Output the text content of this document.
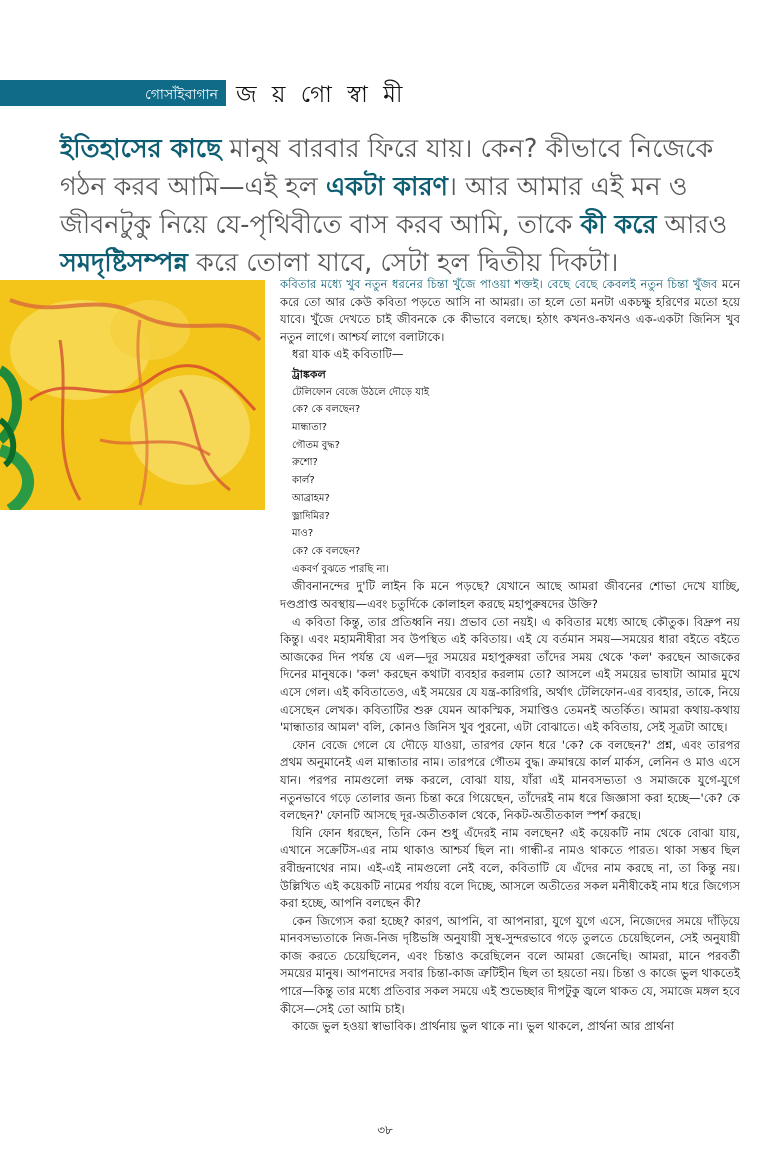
গোসাঁইবাগান জ য় গো স্বা মী
ইতিহাসের কাছে মানুষ বারবার ফিরে যায়। কেন? কীভাবে নিজেকে গঠন করব আমি—এই হল একটা কারণ। আর আমার এই মন ও জীবনটুকু নিয়ে যে-পৃথিবীতে বাস করব আমি, তাকে কী করে আরও সমদৃষ্টিসম্পন্ন করে তোলা যাবে, সেটা হল দ্বিতীয় দিকটা।

কবিতার মধ্যে খুব নতুন ধরনের চিন্তা খুঁজে পাওয়া শক্তই। বেছে বেছে কেবলই নতুন চিন্তা খুঁজব মনে করে তো আর কেউ কবিতা পড়তে আসি না আমরা। তা হলে তো মনটা একচক্ষু হরিণের মতো হয়ে যাবে। খুঁজে দেখতে চাই জীবনকে কে কীভাবে বলছে। হঠাৎ কখনও-কখনও এক-একটা জিনিস খুব নতুন লাগে। আশ্চর্য লাগে বলাটাকে।

ধরা যাক এই কবিতাটি—

ট্রাঙ্ককল
টেলিফোন বেজে উঠলে দৌড়ে যাই
কে? কে বলছেন?
মান্ধাতা?
গৌতম বুদ্ধ?
রুশো?
কার্ল?
আব্রাহম?
ভ্লাদিমির?
মাও?
কে? কে বলছেন?
একবর্ণ বুঝতে পারছি না।

জীবনানন্দের দু'টি লাইন কি মনে পড়ছে? যেখানে আছে আমরা জীবনের শোভা দেখে যাচ্ছি, দণ্ডপ্রাপ্ত অবস্থায়—এবং চতুর্দিকে কোলাহল করছে মহাপুরুষদের উক্তি?

এ কবিতা কিন্তু, তার প্রতিধ্বনি নয়। প্রভাব তো নয়ই। এ কবিতার মধ্যে আছে কৌতুক। বিদ্রুপ নয় কিন্তু। এবং মহামনীষীরা সব উপস্থিত এই কবিতায়। এই যে বর্তমান সময়—সময়ের ধারা বইতে বইতে আজকের দিন পর্যন্ত যে এল—দূর সময়ের মহাপুরুষরা তাঁদের সময় থেকে 'কল' করছেন আজকের দিনের মানুষকে। 'কল' করছেন কথাটা ব্যবহার করলাম তো? আসলে এই সময়ের ভাষাটা আমার মুখে এসে গেল। এই কবিতাতেও, এই সময়ের যে যন্ত্র-কারিগরি, অর্থাৎ টেলিফোন-এর ব্যবহার, তাকে, নিয়ে এসেছেন লেখক। কবিতাটির শুরু যেমন আকস্মিক, সমাপ্তিও তেমনই অতর্কিত। আমরা কথায়-কথায় 'মান্ধাতার আমল' বলি, কোনও জিনিস খুব পুরনো, এটা বোঝাতে। এই কবিতায়, সেই সূত্রটা আছে।

ফোন বেজে গেলে যে দৌড়ে যাওয়া, তারপর ফোন ধরে 'কে? কে বলছেন?' প্রশ্ন, এবং তারপর প্রথম অনুমানেই এল মান্ধাতার নাম। তারপরে গৌতম বুদ্ধ। ক্রমান্বয়ে কার্ল মার্কস, লেনিন ও মাও এসে যান। পরপর নামগুলো লক্ষ করলে, বোঝা যায়, যাঁরা এই মানবসভ্যতা ও সমাজকে যুগে-যুগে নতুনভাবে গড়ে তোলার জন্য চিন্তা করে গিয়েছেন, তাঁদেরই নাম ধরে জিজ্ঞাসা করা হচ্ছে—'কে? কে বলছেন?' ফোনটি আসছে দূর-অতীতকাল থেকে, নিকট-অতীতকাল স্পর্শ করছে।

যিনি ফোন ধরছেন, তিনি কেন শুধু এঁদেরই নাম বলছেন? এই কয়েকটি নাম থেকে বোঝা যায়, এখানে সক্রেটিস-এর নাম থাকাও আশ্চর্য ছিল না। গান্ধী-র নামও থাকতে পারত। থাকা সম্ভব ছিল রবীন্দ্রনাথের নাম। এই-এই নামগুলো নেই বলে, কবিতাটি যে এঁদের নাম করছে না, তা কিন্তু নয়। উল্লিখিত এই কয়েকটি নামের পর্যায় বলে দিচ্ছে, আসলে অতীতের সকল মনীষীকেই নাম ধরে জিগ্যেস করা হচ্ছে, আপনি বলছেন কী?

কেন জিগ্যেস করা হচ্ছে? কারণ, আপনি, বা আপনারা, যুগে যুগে এসে, নিজেদের সময়ে দাঁড়িয়ে মানবসভ্যতাকে নিজ-নিজ দৃষ্টিভঙ্গি অনুযায়ী সুস্থ-সুন্দরভাবে গড়ে তুলতে চেয়েছিলেন, সেই অনুযায়ী কাজ করতে চেয়েছিলেন, এবং চিন্তাও করেছিলেন বলে আমরা জেনেছি। আমরা, মানে পরবর্তী সময়ের মানুষ। আপনাদের সবার চিন্তা-কাজ ত্রুটিহীন ছিল তা হয়তো নয়। চিন্তা ও কাজে ভুল থাকতেই পারে—কিন্তু তার মধ্যে প্রতিবার সকল সময়ে এই শুভেচ্ছার দীপটুকু জ্বলে থাকত যে, সমাজে মঙ্গল হবে কীসে—সেই তো আমি চাই।

কাজে ভুল হওয়া স্বাভাবিক। প্রার্থনায় ভুল থাকে না। ভুল থাকলে, প্রার্থনা আর প্রার্থনা

৩৮
